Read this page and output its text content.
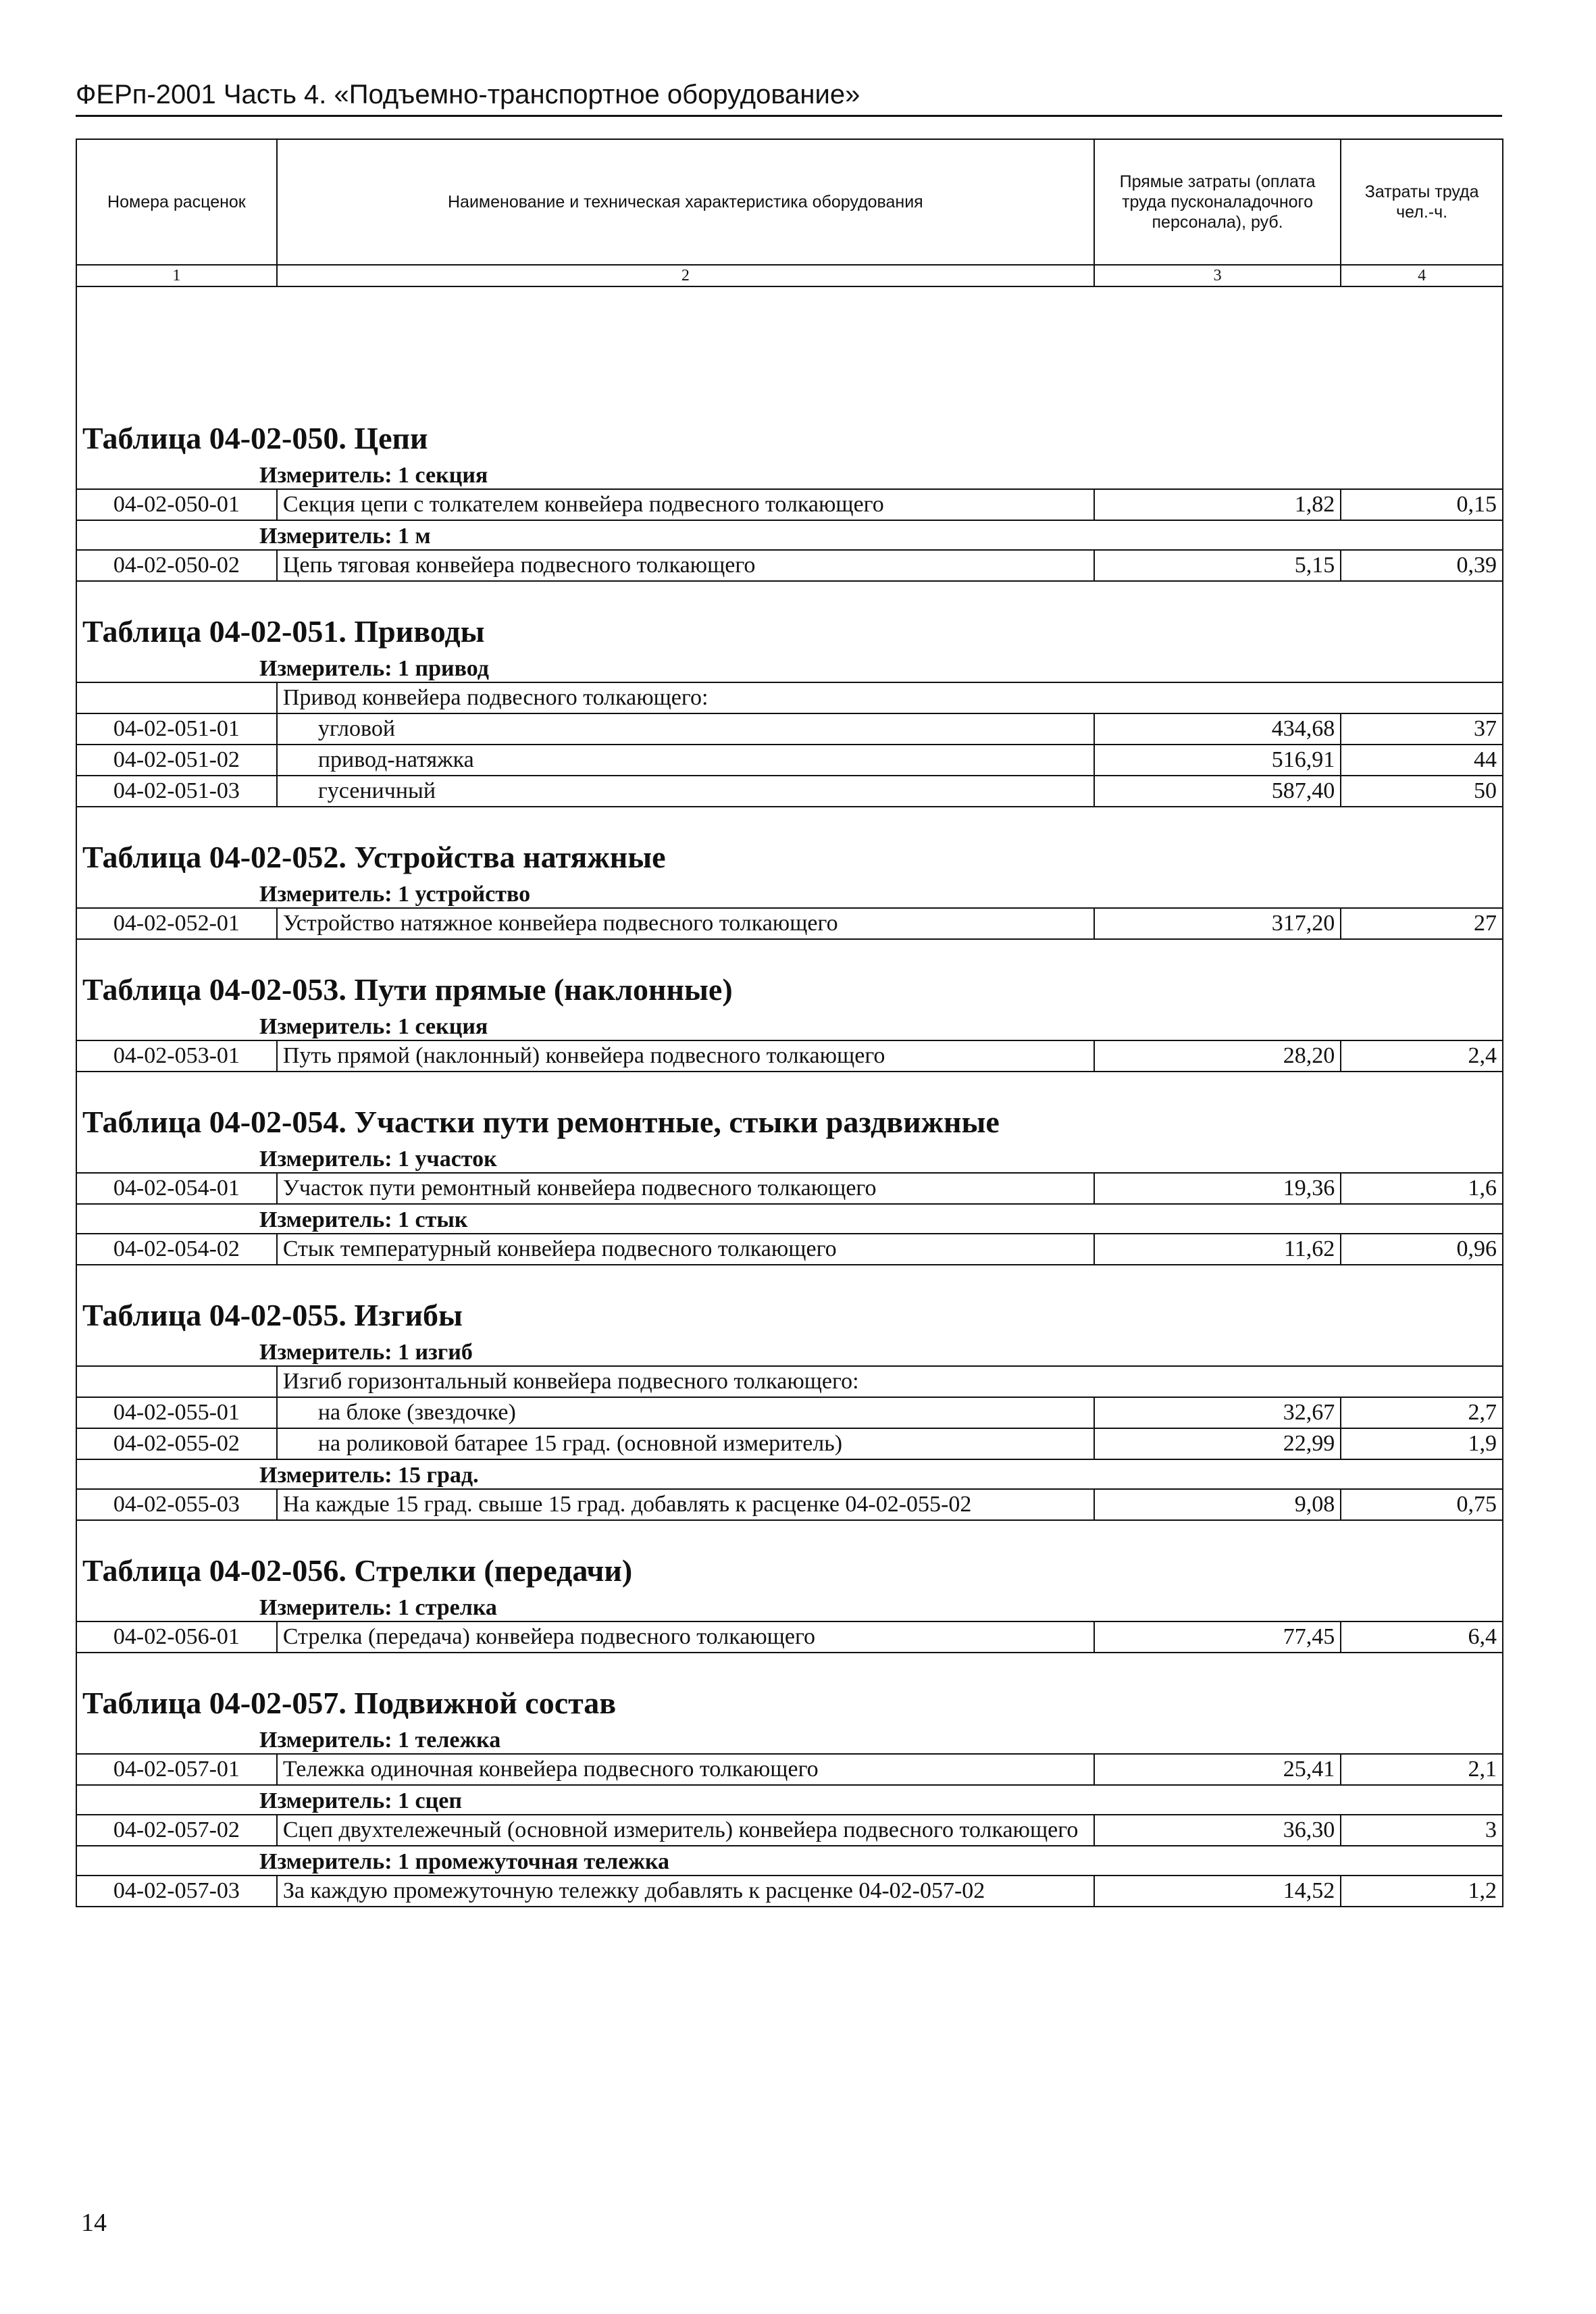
ФЕРп-2001 Часть 4. «Подъемно-транспортное оборудование»
Номера расценок	Наименование и техническая характеристика оборудования	Прямые затраты (оплата труда пусконаладочного персонала), руб.	Затраты труда чел.-ч.
1	2	3	4

Таблица 04-02-050. Цепи			
Измеритель: 1 секция			
04-02-050-01	Секция цепи с толкателем конвейера подвесного толкающего	1,82	0,15
Измеритель: 1 м			
04-02-050-02	Цепь тяговая конвейера подвесного толкающего	5,15	0,39
Таблица 04-02-051. Приводы			
Измеритель: 1 привод			
	Привод конвейера подвесного толкающего:		
04-02-051-01	угловой	434,68	37
04-02-051-02	привод-натяжка	516,91	44
04-02-051-03	гусеничный	587,40	50
Таблица 04-02-052. Устройства натяжные			
Измеритель: 1 устройство			
04-02-052-01	Устройство натяжное конвейера подвесного толкающего	317,20	27
Таблица 04-02-053. Пути прямые (наклонные)			
Измеритель: 1 секция			
04-02-053-01	Путь прямой (наклонный) конвейера подвесного толкающего	28,20	2,4
Таблица 04-02-054. Участки пути ремонтные, стыки раздвижные			
Измеритель: 1 участок			
04-02-054-01	Участок пути ремонтный конвейера подвесного толкающего	19,36	1,6
Измеритель: 1 стык			
04-02-054-02	Стык температурный конвейера подвесного толкающего	11,62	0,96
Таблица 04-02-055. Изгибы			
Измеритель: 1 изгиб			
	Изгиб горизонтальный конвейера подвесного толкающего:		
04-02-055-01	на блоке (звездочке)	32,67	2,7
04-02-055-02	на роликовой батарее 15 град. (основной измеритель)	22,99	1,9
Измеритель: 15 град.			
04-02-055-03	На каждые 15 град. свыше 15 град. добавлять к расценке 04-02-055-02	9,08	0,75
Таблица 04-02-056. Стрелки (передачи)			
Измеритель: 1 стрелка			
04-02-056-01	Стрелка (передача) конвейера подвесного толкающего	77,45	6,4
Таблица 04-02-057. Подвижной состав			
Измеритель: 1 тележка			
04-02-057-01	Тележка одиночная конвейера подвесного толкающего	25,41	2,1
Измеритель: 1 сцеп			
04-02-057-02	Сцеп двухтележечный (основной измеритель) конвейера подвесного толкающего	36,30	3
Измеритель: 1 промежуточная тележка			
04-02-057-03	За каждую промежуточную тележку добавлять к расценке 04-02-057-02	14,52	1,2
14
